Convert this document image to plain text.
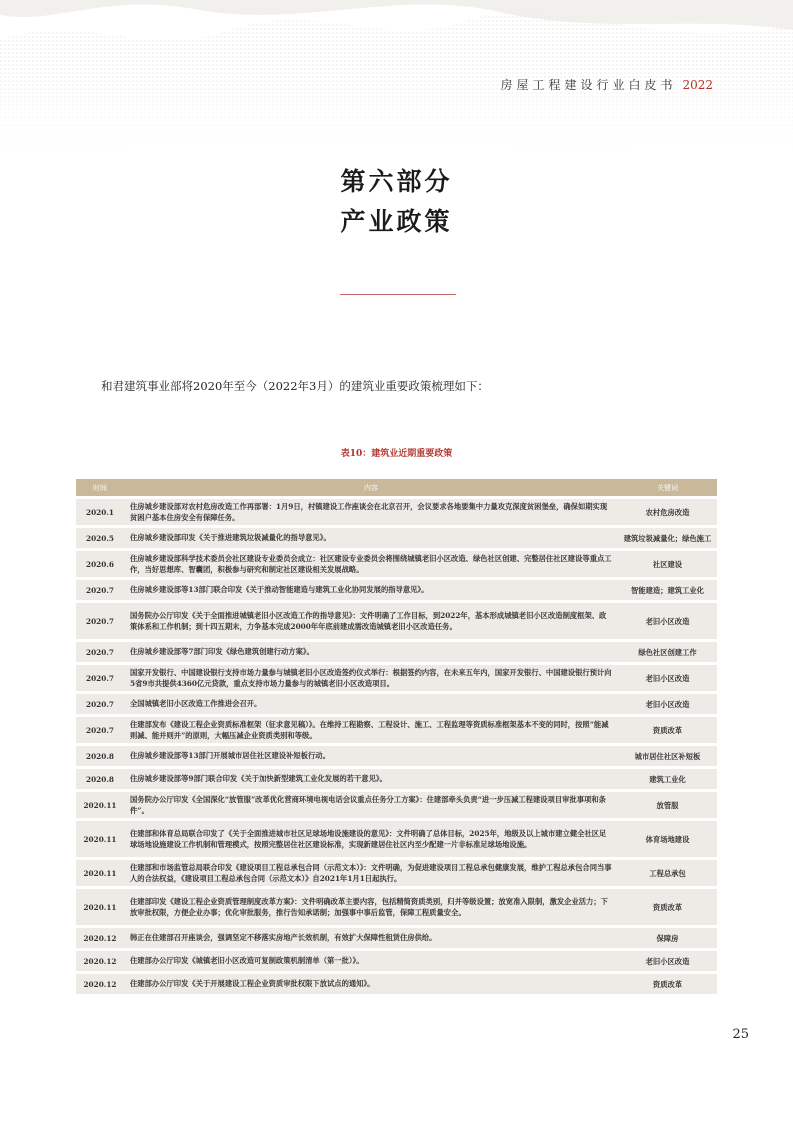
房屋工程建设行业白皮书 2022
第六部分
产业政策
和君建筑事业部将2020年至今（2022年3月）的建筑业重要政策梳理如下：
表10：建筑业近期重要政策
时间	内容	关键词
2020.1	住房城乡建设部对农村危房改造工作再部署：1月9日，村镇建设工作座谈会在北京召开，会议要求各地要集中力量攻克深度贫困堡垒，确保如期实现贫困户基本住房安全有保障任务。	农村危房改造
2020.5	住房城乡建设部印发《关于推进建筑垃圾减量化的指导意见》。	建筑垃圾减量化；绿色施工
2020.6	住房城乡建设部科学技术委员会社区建设专业委员会成立：社区建设专业委员会将围绕城镇老旧小区改造、绿色社区创建、完整居住社区建设等重点工作，当好思想库、智囊团，积极参与研究和制定社区建设相关发展战略。	社区建设
2020.7	住房城乡建设部等13部门联合印发《关于推动智能建造与建筑工业化协同发展的指导意见》。	智能建造；建筑工业化
2020.7	国务院办公厅印发《关于全面推进城镇老旧小区改造工作的指导意见》：文件明确了工作目标，到2022年，基本形成城镇老旧小区改造制度框架、政策体系和工作机制；到十四五期末，力争基本完成2000年年底前建成需改造城镇老旧小区改造任务。	老旧小区改造
2020.7	住房城乡建设部等7部门印发《绿色建筑创建行动方案》。	绿色社区创建工作
2020.7	国家开发银行、中国建设银行支持市场力量参与城镇老旧小区改造签约仪式举行：根据签约内容，在未来五年内，国家开发银行、中国建设银行预计向5省9市共提供4360亿元贷款，重点支持市场力量参与的城镇老旧小区改造项目。	老旧小区改造
2020.7	全国城镇老旧小区改造工作推进会召开。	老旧小区改造
2020.7	住建部发布《建设工程企业资质标准框架（征求意见稿）》。在维持工程勘察、工程设计、施工、工程监理等资质标准框架基本不变的同时，按照“能减则减、能并则并”的原则，大幅压减企业资质类别和等级。	资质改革
2020.8	住房城乡建设部等13部门开展城市居住社区建设补短板行动。	城市居住社区补短板
2020.8	住房城乡建设部等9部门联合印发《关于加快新型建筑工业化发展的若干意见》。	建筑工业化
2020.11	国务院办公厅印发《全国深化“放管服”改革优化营商环境电视电话会议重点任务分工方案》：住建部牵头负责“进一步压减工程建设项目审批事项和条件”。	放管服
2020.11	住建部和体育总局联合印发了《关于全面推进城市社区足球场地设施建设的意见》：文件明确了总体目标，2025年，地级及以上城市建立健全社区足球场地设施建设工作机制和管理模式，按照完整居住社区建设标准，实现新建居住社区内至少配建一片非标准足球场地设施。	体育场地建设
2020.11	住建部和市场监管总局联合印发《建设项目工程总承包合同（示范文本）》：文件明确，为促进建设项目工程总承包健康发展，维护工程总承包合同当事人的合法权益，《建设项目工程总承包合同（示范文本）》自2021年1月1日起执行。	工程总承包
2020.11	住建部印发《建设工程企业资质管理制度改革方案》：文件明确改革主要内容，包括精简资质类别，归并等级设置；放宽准入限制，激发企业活力；下放审批权限，方便企业办事；优化审批服务，推行告知承诺制；加强事中事后监管，保障工程质量安全。	资质改革
2020.12	韩正在住建部召开座谈会，强调坚定不移落实房地产长效机制，有效扩大保障性租赁住房供给。	保障房
2020.12	住建部办公厅印发《城镇老旧小区改造可复制政策机制清单（第一批）》。	老旧小区改造
2020.12	住建部办公厅印发《关于开展建设工程企业资质审批权限下放试点的通知》。	资质改革
25
